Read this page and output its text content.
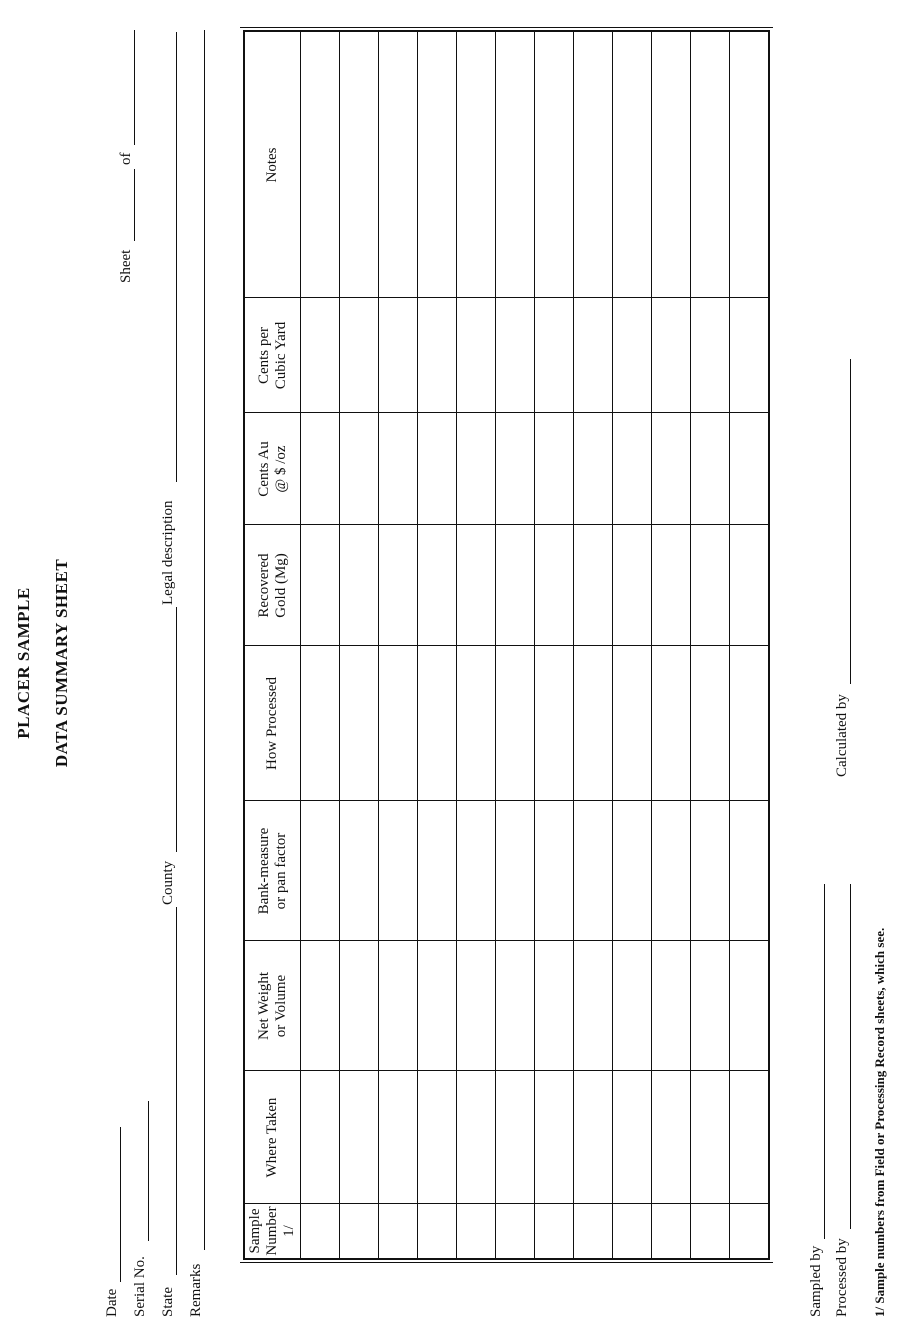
PLACER SAMPLE DATA SUMMARY SHEET
Date Serial No. State
County
Legal description
Remarks
Sheet
of
Sample
Number 1/
Where Taken
Net Weight
or Volume
Bank-measure
or pan factor
How Processed
Recovered
Gold (Mg)
Cents Au
@ $ /oz
Cents per
Cubic Yard
Notes
Sampled by Processed by
Calculated by
1/ Sample numbers from Field or Processing Record sheets, which see.
